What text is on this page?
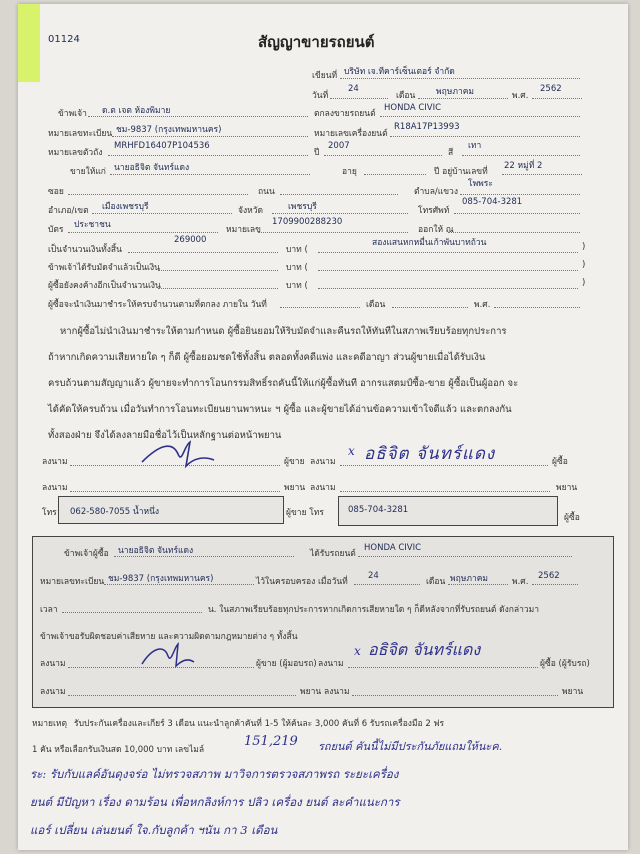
01124	สัญญาขายรถยนต์
เขียนที่ บริษัท เจ.ทีคาร์เซ็นเตอร์ จำกัด
วันที่
24
เดือน พฤษภาคม	พ.ศ.
2562
ข้าพเจ้า ด.ต เจต ห้องพิมาย	ตกลงขายรถยนต์
HONDA CIVIC
หมายเลขทะเบียน ชม-9837 (กรุงเทพมหานคร)	หมายเลขเครื่องยนต์
R18A17P13993
หมายเลขตัวถัง
MRHFD16407P104536
ปี
2007
สี
เทา
ขายให้แก่ นายอธิจิต จันทร์แดง	อายุ	ปี อยู่บ้านเลขที่
22 หมู่ที่ 2
ซอย	ถนน	ตำบล/แขวง
โพพระ
อำเภอ/เขต เมืองเพชรบุรี	จังหวัด	เพชรบุรี	โทรศัพท์
085-704-3281
บัตร ประชาชน	หมายเลข
1709900288230
ออกให้ ณ
เป็นจำนวนเงินทั้งสิ้น
269000
บาท (
สองแสนหกหมื่นเก้าพันบาทถ้วน	)
ข้าพเจ้าได้รับมัดจำแล้วเป็นเงิน	บาท (	)
ผู้ซื้อยังคงค้างอีกเป็นจำนวนเงิน	บาท (	)
ผู้ซื้อจะนำเงินมาชำระให้ครบจำนวนตามที่ตกลง ภายใน วันที่	เดือน	พ.ศ.
หากผู้ซื้อไม่นำเงินมาชำระให้ตามกำหนด ผู้ซื้อยินยอมให้ริบมัดจำและคืนรถให้ทันทีในสภาพเรียบร้อยทุกประการ
ถ้าหากเกิดความเสียหายใด ๆ ก็ดี ผู้ซื้อยอมชดใช้ทั้งสิ้น ตลอดทั้งคดีแพ่ง และคดีอาญา ส่วนผู้ขายเมื่อได้รับเงิน
ครบถ้วนตามสัญญาแล้ว ผู้ขายจะทำการโอนกรรมสิทธิ์รถคันนี้ให้แก่ผู้ซื้อทันที อากรแสตมป์ซื้อ-ขาย ผู้ซื้อเป็นผู้ออก จะ
ได้คัดให้ครบถ้วน เมื่อวันทำการโอนทะเบียนยานพาหนะ ฯ ผู้ซื้อ และผู้ขายได้อ่านข้อความเข้าใจดีแล้ว และตกลงกัน
ทั้งสองฝ่าย จึงได้ลงลายมือชื่อไว้เป็นหลักฐานต่อหน้าพยาน
ลงนาม	ผู้ขาย ลงนาม
x อธิจิต จันทร์แดง	ผู้ซื้อ
ลงนาม	พยาน ลงนาม	พยาน
โทร 062-580-7055 น้ำหนึ่ง	ผู้ขาย โทร	085-704-3281
ผู้ซื้อ
ข้าพเจ้าผู้ซื้อ นายอธิจิต จันทร์แดง	ได้รับรถยนต์
HONDA CIVIC
หมายเลขทะเบียน ชม-9837 (กรุงเทพมหานคร)	ไว้ในครอบครอง เมื่อวันที่
24
เดือน พฤษภาคม	พ.ศ.
2562
เวลา	น. ในสภาพเรียบร้อยทุกประการหากเกิดการเสียหายใด ๆ ก็ดีหลังจากที่รับรถยนต์ ดังกล่าวมา
ข้าพเจ้าขอรับผิดชอบค่าเสียหาย และความผิดตามกฎหมายต่าง ๆ ทั้งสิ้น
ลงนาม	ผู้ขาย (ผู้มอบรถ) ลงนาม
x อธิจิต จันทร์แดง
ผู้ซื้อ (ผู้รับรถ)
ลงนาม	พยาน ลงนาม	พยาน
หมายเหตุ รับประกันเครื่องและเกียร์ 3 เดือน แนะนำลูกค้าคันที่ 1-5 ให้ค้นละ 3,000 คันที่ 6 รับรถเครื่องมือ 2 ฟร
1 คัน หรือเลือกรับเงินสด 10,000 บาท เลขไมล์
151,219 รถยนต์ คันนี้ไม่มีประกันภัยแถมให้นะค.
ระ: รับกับแลค์อันดุงจร่อ ไม่ทรวจสภาพ มาวิจการตรวจสภาพรถ ระยะเครื่อง
ยนต์ มีปัญหา เรื่อง ดามร้อน เพื่อหกลิงห์การ ปลิว เครื่อง ยนต์ ละคำแนะการ
แอร์ เปลี่ยน เล่นยนต์ ใจ.กับลูกค้า ฯนัน กา 3 เดือน
